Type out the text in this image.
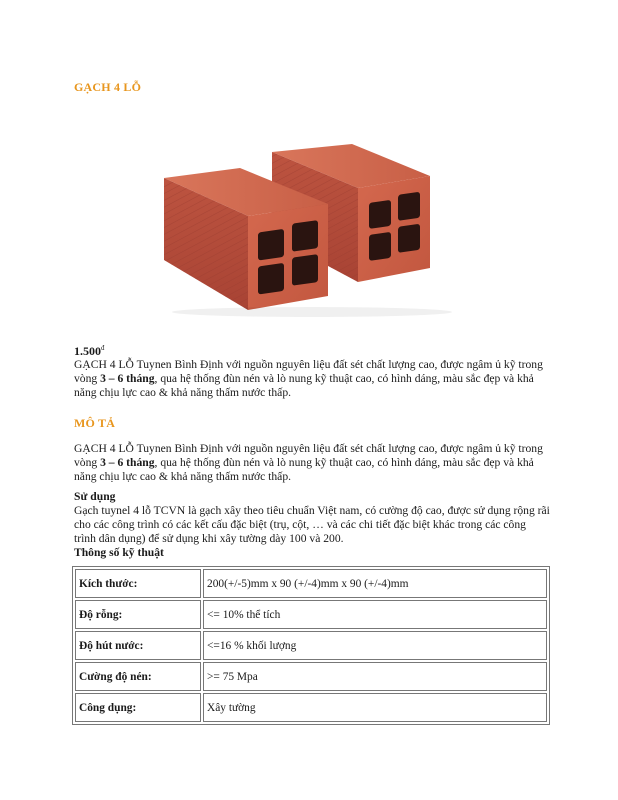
GẠCH 4 LỖ
$1.500^đ$
GẠCH 4 LỖ Tuynen Bình Định với nguồn nguyên liệu đất sét chất lượng cao, được ngâm ủ kỹ trong vòng 3 – 6 tháng, qua hệ thống đùn nén và lò nung kỹ thuật cao, có hình dáng, màu sắc đẹp và khả năng chịu lực cao & khả năng thấm nước thấp.
MÔ TẢ
GẠCH 4 LỖ Tuynen Bình Định với nguồn nguyên liệu đất sét chất lượng cao, được ngâm ủ kỹ trong vòng 3 – 6 tháng, qua hệ thống đùn nén và lò nung kỹ thuật cao, có hình dáng, màu sắc đẹp và khả năng chịu lực cao & khả năng thấm nước thấp.
Sử dụng
Gạch tuynel 4 lỗ TCVN là gạch xây theo tiêu chuẩn Việt nam, có cường độ cao, được sử dụng rộng rãi cho các công trình có các kết cấu đặc biệt (trụ, cột, … và các chi tiết đặc biệt khác trong các công trình dân dụng) để sử dụng khi xây tường dày 100 và 200.
Thông số kỹ thuật
Kích thước:	200(+/-5)mm x 90 (+/-4)mm x 90 (+/-4)mm
Độ rỗng:	<= 10% thể tích
Độ hút nước:	<=16 % khối lượng
Cường độ nén:	>= 75 Mpa
Công dụng:	Xây tường
